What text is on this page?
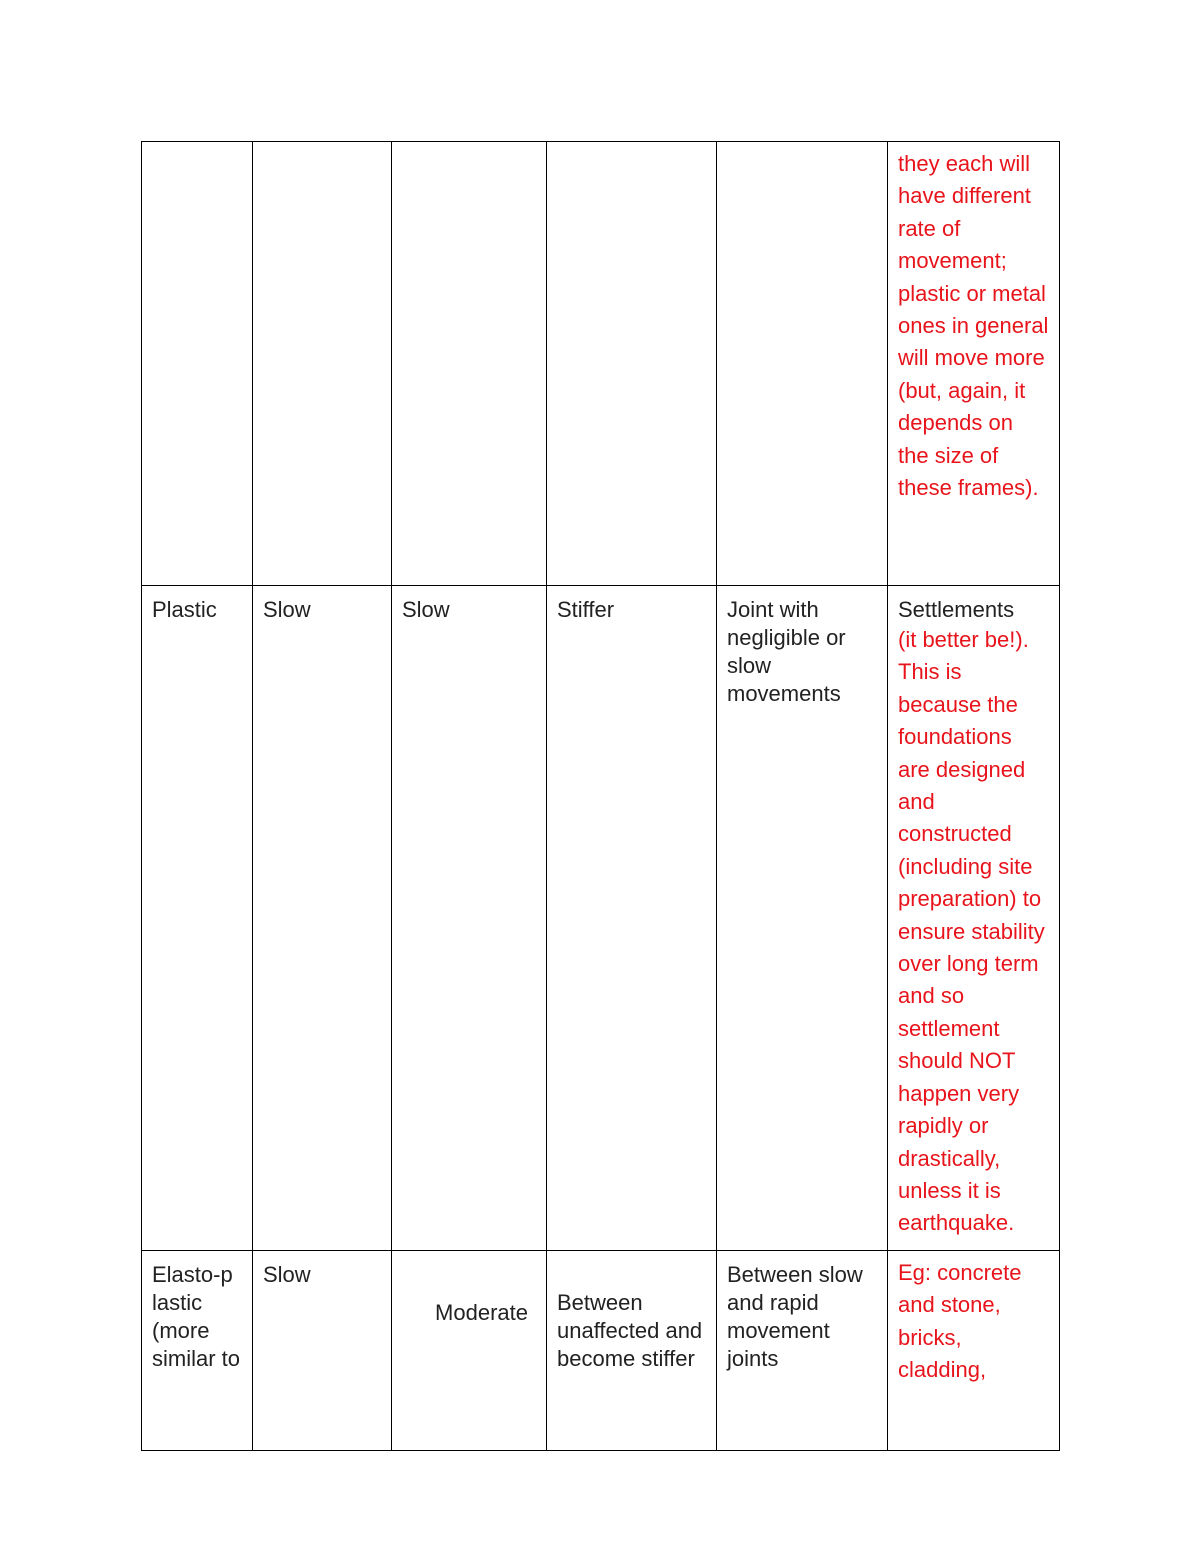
					they each will have different rate of movement; plastic or metal ones in general will move more (but, again, it depends on the size of these frames).
Plastic	Slow	Slow	Stiffer	Joint with negligible or slow movements	Settlements
(it better be!). This is because the foundations are designed and constructed (including site preparation) to ensure stability over long term and so settlement should NOT happen very rapidly or drastically, unless it is earthquake.

Elasto-p lastic (more similar to	Slow	Moderate	Between unaffected and become stiffer	Between slow and rapid movement joints	Eg: concrete and stone, bricks, cladding,
